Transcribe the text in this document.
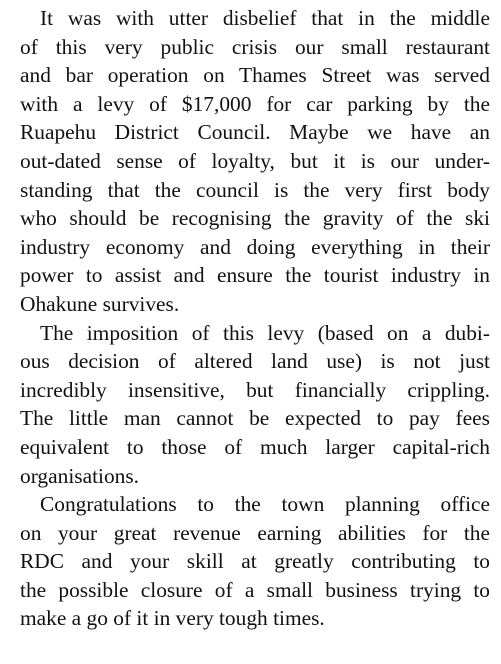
It was with utter disbelief that in the middle
of this very public crisis our small restaurant
and bar operation on Thames Street was served
with a levy of $17,000 for car parking by the
Ruapehu District Council. Maybe we have an
out-dated sense of loyalty, but it is our under-
standing that the council is the very first body
who should be recognising the gravity of the ski
industry economy and doing everything in their
power to assist and ensure the tourist industry in
Ohakune survives.

The imposition of this levy (based on a dubi-
ous decision of altered land use) is not just
incredibly insensitive, but financially crippling.
The little man cannot be expected to pay fees
equivalent to those of much larger capital-rich
organisations.

Congratulations to the town planning office
on your great revenue earning abilities for the
RDC and your skill at greatly contributing to
the possible closure of a small business trying to
make a go of it in very tough times.
